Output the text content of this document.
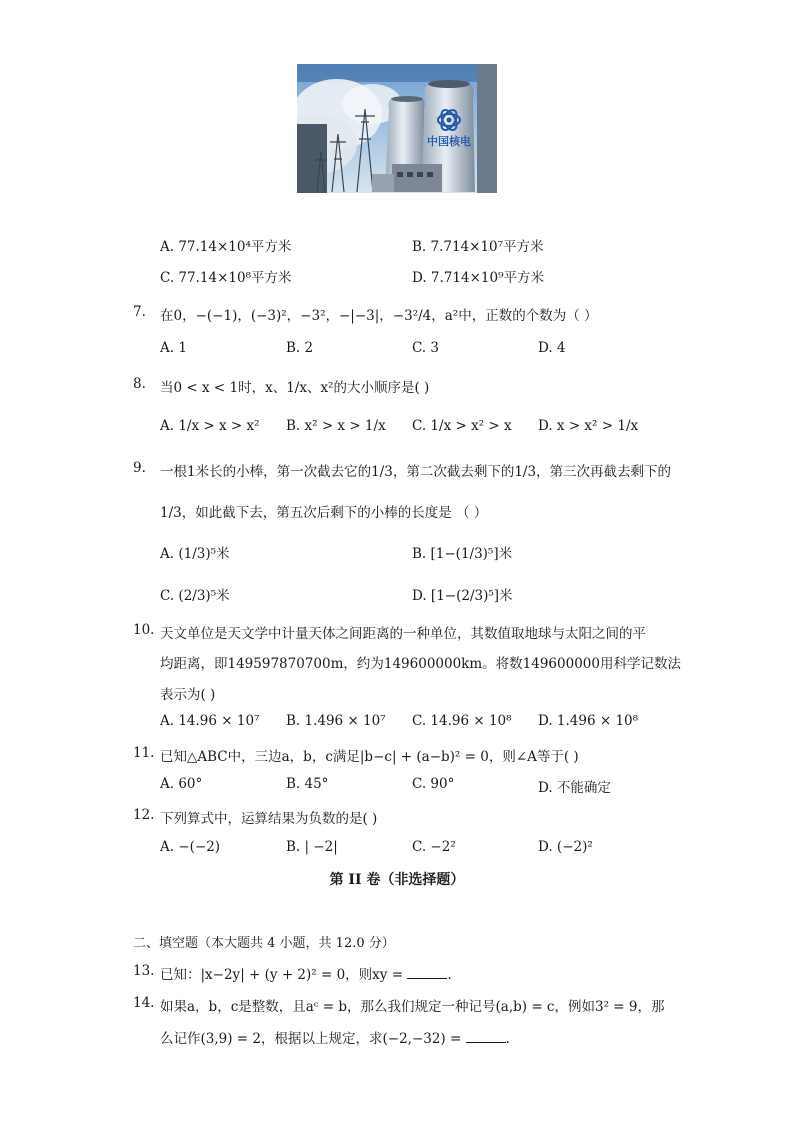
中国核电
A. 77.14×10⁴平方米	B. 7.714×10⁷平方米
C. 77.14×10⁸平方米	D. 7.714×10⁹平方米
7. 在0，−(−1)，(−3)²，−3²，−|−3|，−3²/4，a²中，正数的个数为（ ）
A. 1	B. 2	C. 3	D. 4
8. 当0 < x < 1时，x、1/x、x²的大小顺序是( )
A. 1/x > x > x² B. x² > x > 1/x C. 1/x > x² > x D. x > x² > 1/x
9. 一根1米长的小棒，第一次截去它的1/3，第二次截去剩下的1/3，第三次再截去剩下的
1/3，如此截下去，第五次后剩下的小棒的长度是 （ ）
A. (1/3)⁵米	B. [1−(1/3)⁵]米
C. (2/3)⁵米	D. [1−(2/3)⁵]米
10. 天文单位是天文学中计量天体之间距离的一种单位，其数值取地球与太阳之间的平
均距离，即149597870700m，约为149600000km。将数149600000用科学记数法
表示为( )
A. 14.96 × 10⁷ B. 1.496 × 10⁷ C. 14.96 × 10⁸ D. 1.496 × 10⁸
11. 已知△ABC中，三边a，b，c满足|b−c| + (a−b)² = 0，则∠A等于( )
A. 60°	B. 45°	C. 90°	D. 不能确定
12. 下列算式中，运算结果为负数的是( )
A. −(−2)	B. | −2|	C. −2²	D. (−2)²
第 II 卷（非选择题）
二、填空题（本大题共 4 小题，共 12.0 分）
13. 已知：|x−2y| + (y + 2)² = 0，则xy =	.
14. 如果a，b，c是整数，且aᶜ = b，那么我们规定一种记号(a,b) = c，例如3² = 9，那
么记作(3,9) = 2，根据以上规定，求(−2,−32) =	.
